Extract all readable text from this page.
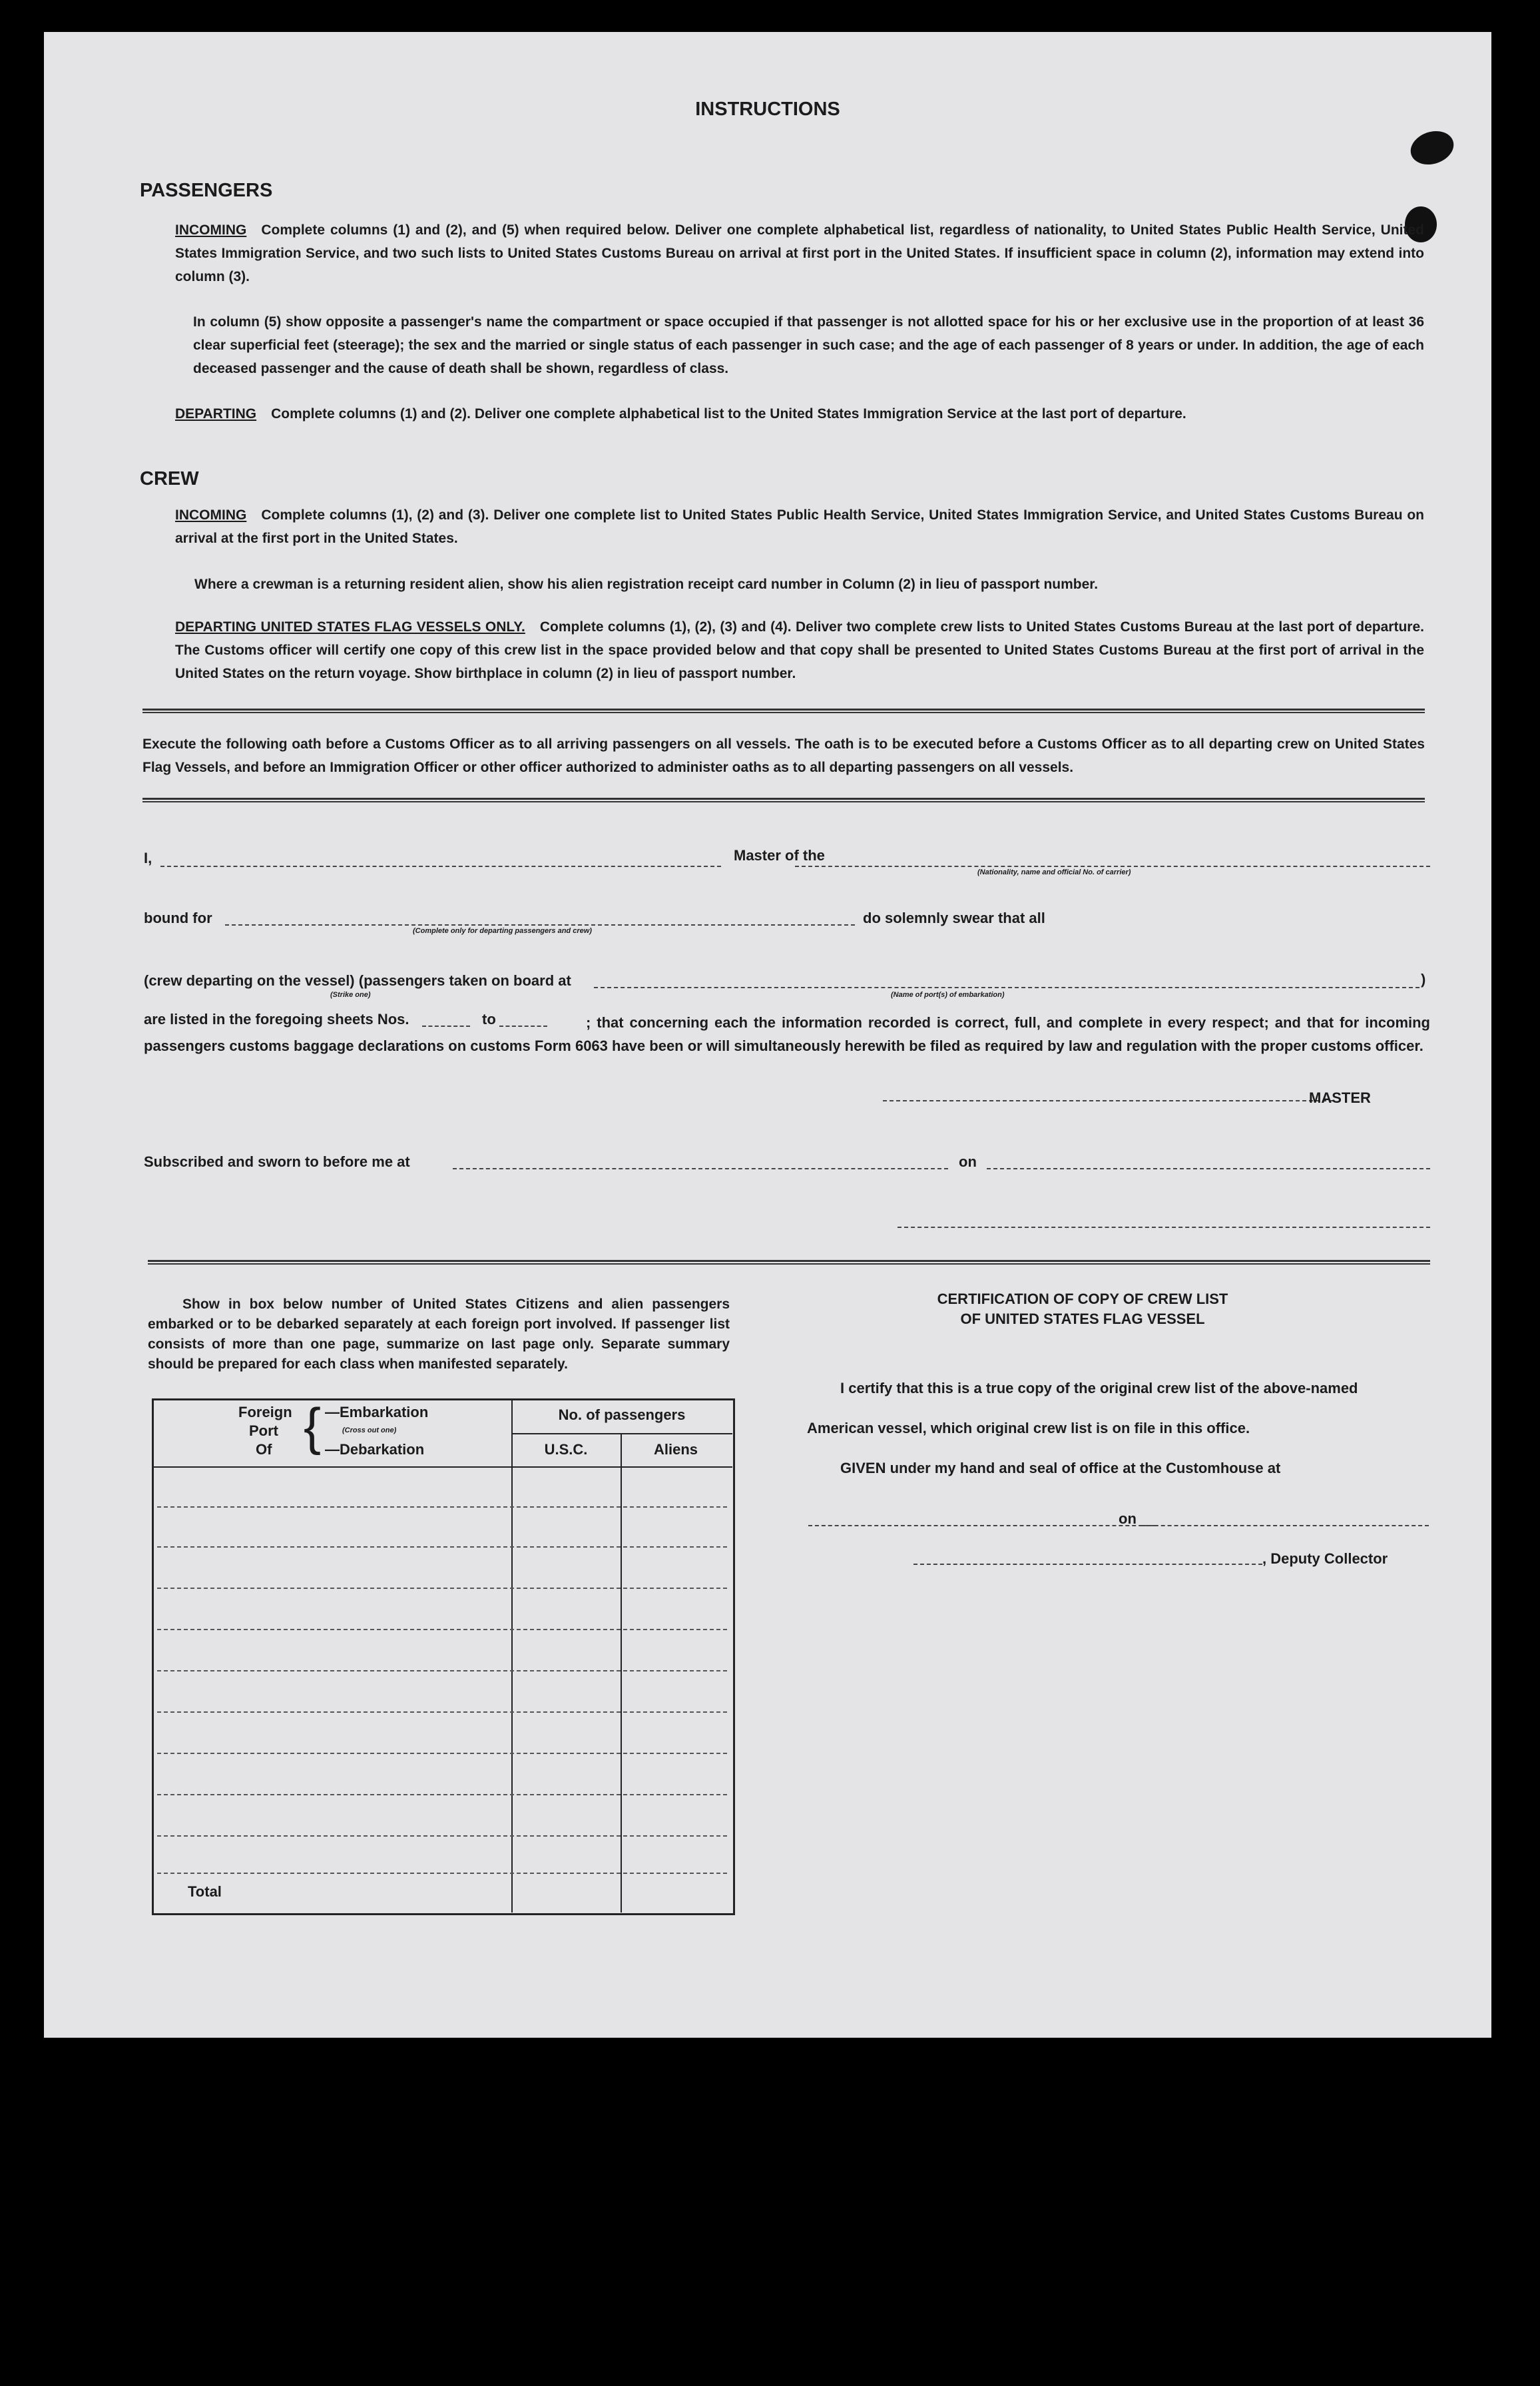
INSTRUCTIONS
PASSENGERS
INCOMING Complete columns (1) and (2), and (5) when required below. Deliver one complete alphabetical list, regardless of nationality, to United States Public Health Service, United States Immigration Service, and two such lists to United States Customs Bureau on arrival at first port in the United States. If insufficient space in column (2), information may extend into column (3).
In column (5) show opposite a passenger's name the compartment or space occupied if that passenger is not allotted space for his or her exclusive use in the proportion of at least 36 clear superficial feet (steerage); the sex and the married or single status of each passenger in such case; and the age of each passenger of 8 years or under. In addition, the age of each deceased passenger and the cause of death shall be shown, regardless of class.
DEPARTING Complete columns (1) and (2). Deliver one complete alphabetical list to the United States Immigration Service at the last port of departure.
CREW
INCOMING Complete columns (1), (2) and (3). Deliver one complete list to United States Public Health Service, United States Immigration Service, and United States Customs Bureau on arrival at the first port in the United States.
Where a crewman is a returning resident alien, show his alien registration receipt card number in Column (2) in lieu of passport number.
DEPARTING UNITED STATES FLAG VESSELS ONLY. Complete columns (1), (2), (3) and (4). Deliver two complete crew lists to United States Customs Bureau at the last port of departure. The Customs officer will certify one copy of this crew list in the space provided below and that copy shall be presented to United States Customs Bureau at the first port of arrival in the United States on the return voyage. Show birthplace in column (2) in lieu of passport number.
Execute the following oath before a Customs Officer as to all arriving passengers on all vessels. The oath is to be executed before a Customs Officer as to all departing crew on United States Flag Vessels, and before an Immigration Officer or other officer authorized to administer oaths as to all departing passengers on all vessels.
I,	Master of the
(Nationality, name and official No. of carrier)
bound for
(Complete only for departing passengers and crew)
do solemnly swear that all
(crew departing on the vessel) (passengers taken on board at	)
(Strike one)	(Name of port(s) of embarkation)
are listed in the foregoing sheets Nos.	to	; that concerning each the information recorded is correct, full, and complete in every respect; and that for incoming passengers customs baggage declarations on customs Form 6063 have been or will simultaneously herewith be filed as required by law and regulation with the proper customs officer.
MASTER
Subscribed and sworn to before me at	on
Show in box below number of United States Citizens and alien passengers embarked or to be debarked separately at each foreign port involved. If passenger list consists of more than one page, summarize on last page only. Separate summary should be prepared for each class when manifested separately.
Foreign
Port
Of { —Embarkation
(Cross out one)
—Debarkation
No. of passengers
U.S.C.	Aliens
Total
CERTIFICATION OF COPY OF CREW LIST
OF UNITED STATES FLAG VESSEL
I certify that this is a true copy of the original crew list of the above-named
American vessel, which original crew list is on file in this office.
GIVEN under my hand and seal of office at the Customhouse at
on
, Deputy Collector
